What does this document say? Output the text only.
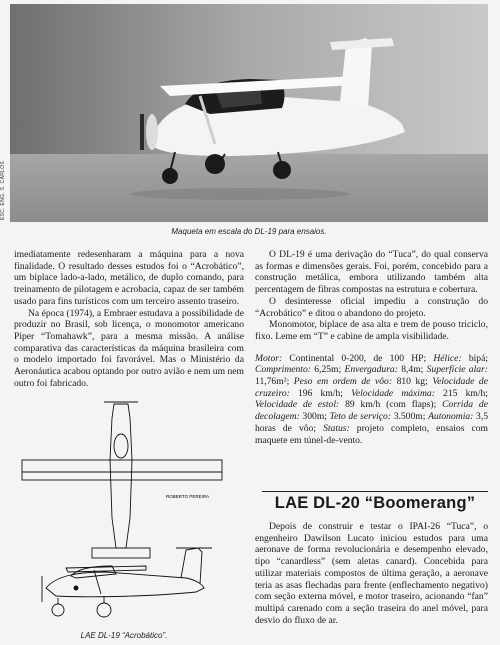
ESC. ENG. S. CARLOS
Maqueta em escala do DL-19 para ensaios.

imediatamente redesenharam a máquina para a nova finalidade. O resultado desses estudos foi o “Acrobático”, um biplace lado-a-lado, metálico, de duplo comando, para treinamento de pilotagem e acrobacia, capaz de ser também usado para fins turísticos com um terceiro assento traseiro.

Na época (1974), a Embraer estudava a possibilidade de produzir no Brasil, sob licença, o monomotor americano Piper “Tomahawk”, para a mesma missão. A análise comparativa das características da máquina brasileira com o modelo importado foi favorável. Mas o Ministério da Aeronáutica acabou optando por outro avião e nem um nem outro foi fabricado.

ROBERTO PEREIRA
LAE DL-19 “Acrobático”.

O DL-19 é uma derivação do “Tuca”, do qual conserva as formas e dimensões gerais. Foi, porém, concebido para a construção metálica, embora utilizando também alta percentagem de fibras compostas na estrutura e cobertura.

O desinteresse oficial impediu a construção do “Acrobático” e ditou o abandono do projeto.

Monomotor, biplace de asa alta e trem de pouso triciclo, fixo. Leme em “T” e cabine de ampla visibilidade.

Motor: Continental 0-200, de 100 HP; Hélice: bipá; Comprimento: 6,25m; Envergadura: 8,4m; Superfície alar: 11,76m²; Peso em ordem de vôo: 810 kg; Velocidade de cruzeiro: 196 km/h; Velocidade máxima: 215 km/h; Velocidade de estol: 89 km/h (com flaps); Corrida de decolagem: 300m; Teto de serviço: 3.500m; Autonomia: 3,5 horas de vôo; Status: projeto completo, ensaios com maquete em túnel-de-vento.

LAE DL-20 “Boomerang”

Depois de construir e testar o IPAI-26 “Tuca”, o engenheiro Dawilson Lucato iniciou estudos para uma aeronave de forma revolucionária e desempenho elevado, tipo “canardless” (sem aletas canard). Concebida para utilizar materiais compostos de última geração, a aeronave teria as asas flechadas para frente (enflechamento negativo) com seção externa móvel, e motor traseiro, acionando “fan” multipá carenado com a seção traseira do anel móvel, para desvio do fluxo de ar.
